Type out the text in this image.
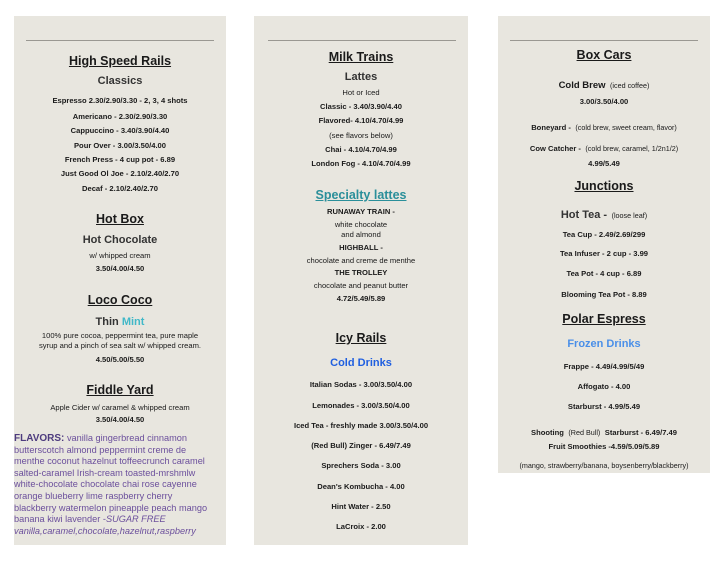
High Speed Rails
Classics
Espresso 2.30/2.90/3.30 - 2, 3, 4 shots
Americano - 2.30/2.90/3.30
Cappuccino - 3.40/3.90/4.40
Pour Over - 3.00/3.50/4.00
French Press - 4 cup pot - 6.89
Just Good Ol Joe - 2.10/2.40/2.70
Decaf - 2.10/2.40/2.70
Hot Box
Hot Chocolate
w/ whipped cream
3.50/4.00/4.50
Loco Coco
Thin Mint
100% pure cocoa, peppermint tea, pure maple
syrup and a pinch of sea salt w/ whipped cream.
4.50/5.00/5.50
Fiddle Yard
Apple Cider w/ caramel & whipped cream
3.50/4.00/4.50
FLAVORS: vanilla gingerbread cinnamon
butterscotch almond peppermint creme de
menthe coconut hazelnut toffeecrunch caramel
salted-caramel Irish-cream toasted-mrshmlw
white-chocolate chocolate chai rose cayenne
orange blueberry lime raspberry cherry
blackberry watermelon pineapple peach mango
banana kiwi lavender -SUGAR FREE
vanilla,caramel,chocolate,hazelnut,raspberry
Milk Trains
Lattes
Hot or Iced
Classic - 3.40/3.90/4.40
Flavored- 4.10/4.70/4.99
(see flavors below)
Chai - 4.10/4.70/4.99
London Fog - 4.10/4.70/4.99
Specialty lattes
RUNAWAY TRAIN -
white chocolate
and almond
HIGHBALL -
chocolate and creme de menthe
THE TROLLEY
chocolate and peanut butter
4.72/5.49/5.89
Icy Rails
Cold Drinks
Italian Sodas - 3.00/3.50/4.00
Lemonades - 3.00/3.50/4.00
Iced Tea - freshly made 3.00/3.50/4.00
(Red Bull) Zinger - 6.49/7.49
Sprechers Soda - 3.00
Dean's Kombucha - 4.00
Hint Water - 2.50
LaCroix - 2.00
Box Cars
Cold Brew (iced coffee)
3.00/3.50/4.00
Boneyard - (cold brew, sweet cream, flavor)
Cow Catcher - (cold brew, caramel, 1/2n1/2)
4.99/5.49
Junctions
Hot Tea - (loose leaf)
Tea Cup - 2.49/2.69/299
Tea Infuser - 2 cup - 3.99
Tea Pot - 4 cup - 6.89
Blooming Tea Pot - 8.89
Polar Espress
Frozen Drinks
Frappe - 4.49/4.99/5/49
Affogato - 4.00
Starburst - 4.99/5.49
Shooting (Red Bull) Starburst - 6.49/7.49
Fruit Smoothies -4.59/5.09/5.89
(mango, strawberry/banana, boysenberry/blackberry)
